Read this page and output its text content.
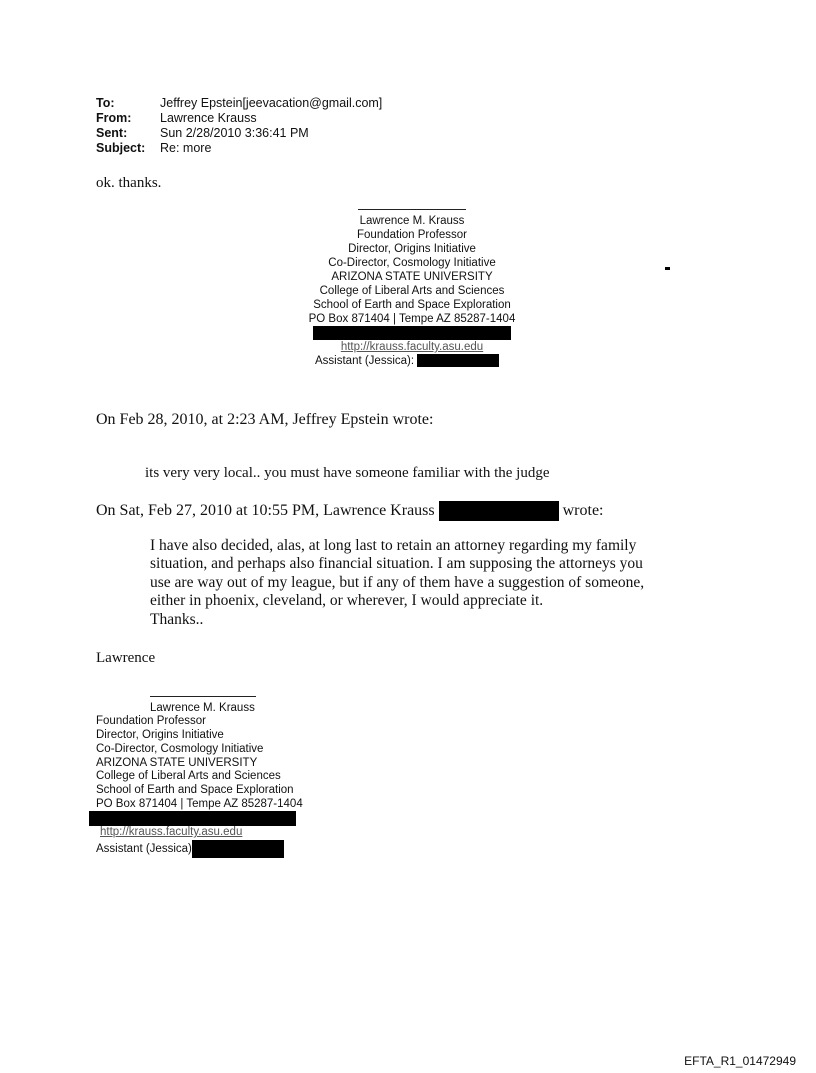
To:	Jeffrey Epstein[jeevacation@gmail.com]
From:	Lawrence Krauss
Sent:	Sun 2/28/2010 3:36:41 PM
Subject:	Re: more
ok. thanks.
Lawrence M. Krauss
Foundation Professor
Director, Origins Initiative
Co-Director, Cosmology Initiative
ARIZONA STATE UNIVERSITY
College of Liberal Arts and Sciences
School of Earth and Space Exploration
PO Box 871404 | Tempe AZ 85287-1404
http://krauss.faculty.asu.edu
Assistant (Jessica):
On Feb 28, 2010, at 2:23 AM, Jeffrey Epstein wrote:
its very very local.. you must have someone familiar with the judge
On Sat, Feb 27, 2010 at 10:55 PM, Lawrence Krauss	wrote:
I have also decided, alas, at long last to retain an attorney regarding my family
situation, and perhaps also financial situation. I am supposing the attorneys you
use are way out of my league, but if any of them have a suggestion of someone,
either in phoenix, cleveland, or wherever, I would appreciate it.
Thanks..
Lawrence
Lawrence M. Krauss
Foundation Professor
Director, Origins Initiative
Co-Director, Cosmology Initiative
ARIZONA STATE UNIVERSITY
College of Liberal Arts and Sciences
School of Earth and Space Exploration
PO Box 871404 | Tempe AZ 85287-1404
http://krauss.faculty.asu.edu
Assistant (Jessica)
EFTA_R1_01472949
